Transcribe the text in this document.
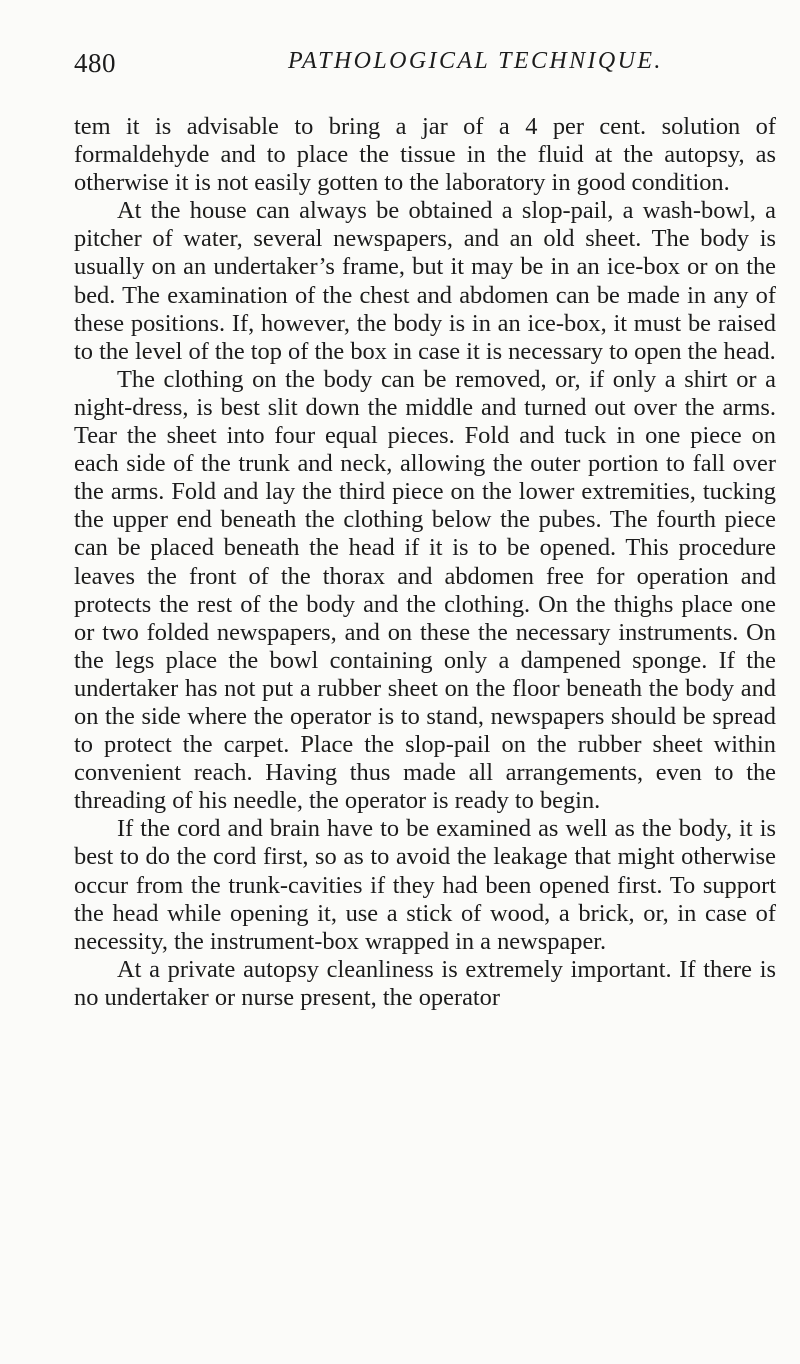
480	PATHOLOGICAL TECHNIQUE.

tem it is advisable to bring a jar of a 4 per cent. solution of formaldehyde and to place the tissue in the fluid at the autopsy, as otherwise it is not easily gotten to the laboratory in good condition.

At the house can always be obtained a slop-pail, a wash-bowl, a pitcher of water, several newspapers, and an old sheet. The body is usually on an undertaker’s frame, but it may be in an ice-box or on the bed. The examination of the chest and abdomen can be made in any of these positions. If, however, the body is in an ice-box, it must be raised to the level of the top of the box in case it is necessary to open the head.

The clothing on the body can be removed, or, if only a shirt or a night-dress, is best slit down the middle and turned out over the arms. Tear the sheet into four equal pieces. Fold and tuck in one piece on each side of the trunk and neck, allowing the outer portion to fall over the arms. Fold and lay the third piece on the lower extremities, tucking the upper end beneath the clothing below the pubes. The fourth piece can be placed beneath the head if it is to be opened. This procedure leaves the front of the thorax and abdomen free for operation and protects the rest of the body and the clothing. On the thighs place one or two folded newspapers, and on these the necessary instruments. On the legs place the bowl containing only a dampened sponge. If the undertaker has not put a rubber sheet on the floor beneath the body and on the side where the operator is to stand, newspapers should be spread to protect the carpet. Place the slop-pail on the rubber sheet within convenient reach. Having thus made all arrangements, even to the threading of his needle, the operator is ready to begin.

If the cord and brain have to be examined as well as the body, it is best to do the cord first, so as to avoid the leakage that might otherwise occur from the trunk-cavities if they had been opened first. To support the head while opening it, use a stick of wood, a brick, or, in case of necessity, the instrument-box wrapped in a newspaper.

At a private autopsy cleanliness is extremely important. If there is no undertaker or nurse present, the operator
